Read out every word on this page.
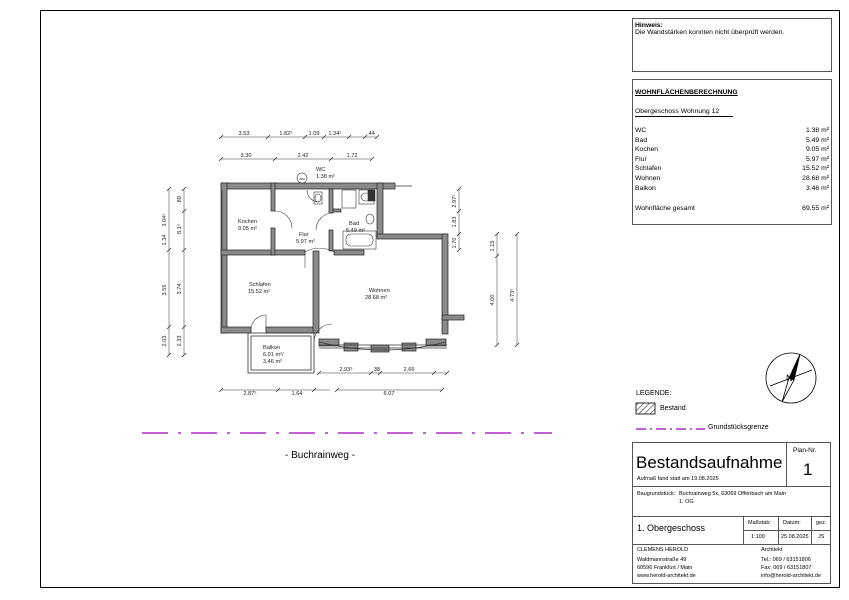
WM
WC
1.38 m²
Kochen
9.05 m²
Flur
5.97 m²
Bad
5.49 m²
Schlafen
15.52 m²	Wohnen
28.68 m²
Balkon
6.91 m²/
3.46 m²
3.53	1.82⁵	1.09 1.34⁵	.44
3.30	2.42	1.72
2.93⁵	38	2.66
2.87⁵	1.64	6.07
3.04⁵
1.34
3.55
2.03
.89
8.1⁵
3.74
2.33
2.97⁵
1.83
1.70	1.15
4.00	4.73⁵
N
Hinweis:
Die Wandstärken konnten nicht überprüft werden.
WOHNFLÄCHENBERECHNUNG
Obergeschoss Wohnung 12
WC	1.38 m²
Bad	5.49 m²
Kochen	9.05 m²
Flur	5.97 m²
Schlafen	15.52 m²
Wohnen	28.68 m²
Balkon	3.46 m²
Wohnfläche gesamt	69.55 m²
LEGENDE:
Bestand
Grundstücksgrenze
- Buchrainweg -	Bestandsaufnahme
Aufmaß fand statt am 19.08.2025
Plan-Nr.
1
Baugrundstück: Buchrainweg 5x, 63069 Offenbach am Main
1. OG
1. Obergeschoss	Maßstab:
1:100
Datum:
25.08.2025
gez.
JS
CLEMENS HEROLD	Architekt
Waldmannstraße 49
60596 Frankfurt / Main
www.herold-architekt.de
Tel.: 069 / 63151806
Fax: 069 / 63151807
info@herold-architekt.de
